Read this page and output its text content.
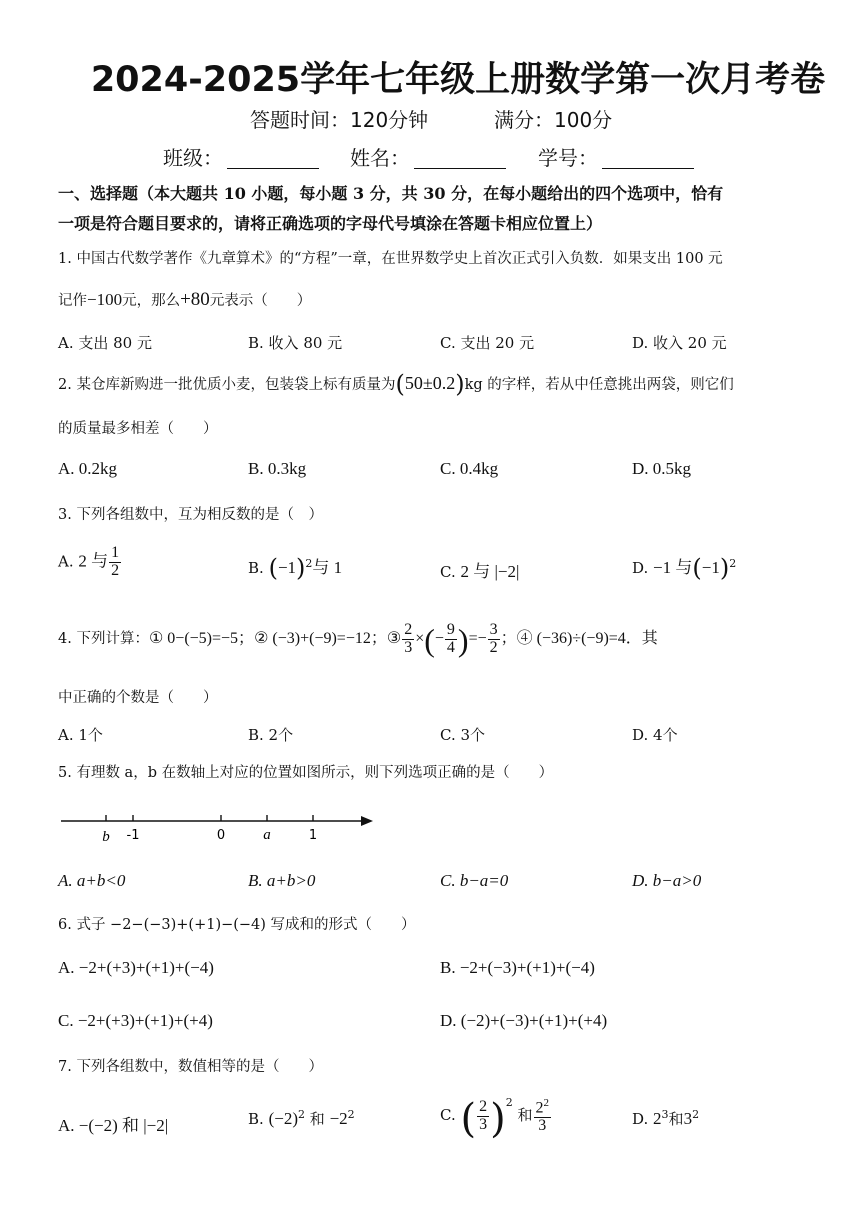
2024-2025学年七年级上册数学第一次月考卷
答题时间：120分钟	满分：100分
班级：	姓名：	学号：
一、选择题（本大题共 10 小题，每小题 3 分，共 30 分，在每小题给出的四个选项中，恰有
一项是符合题目要求的，请将正确选项的字母代号填涂在答题卡相应位置上）
1. 中国古代数学著作《九章算术》的“方程”一章，在世界数学史上首次正式引入负数．如果支出 100 元
记作−100元，那么+80元表示（　　）
A. 支出 80 元	B. 收入 80 元	C. 支出 20 元	D. 收入 20 元
2. 某仓库新购进一批优质小麦，包装袋上标有质量为(50±0.2)kg 的字样，若从中任意挑出两袋，则它们
的质量最多相差（　　）
A. 0.2kg	B. 0.3kg	C. 0.4kg	D. 0.5kg
3. 下列各组数中，互为相反数的是（　）
A. 2 与 $\frac{1}{2}$	B. $(-1)^2$与 1	C. 2 与 |−2|	D. −1 与$(-1)^2$
4. 下列计算：① 0−(−5)=−5；② (−3)+(−9)=−12；③ $\frac{2}{3}$ ×(− $\frac{9}{4}$ )=− $\frac{3}{2}$ ；④ (−36)÷(−9)=4．其
中正确的个数是（　　）
A. 1个	B. 2个	C. 3个	D. 4个
5. 有理数 a，b 在数轴上对应的位置如图所示，则下列选项正确的是（　　）
b -1	0	a	1
A. a+b<0	B. a+b>0	C. b−a=0	D. b−a>0
6. 式子 −2−(−3)+(+1)−(−4) 写成和的形式（　　）
A. −2+(+3)+(+1)+(−4)	B. −2+(−3)+(+1)+(−4)
C. −2+(+3)+(+1)+(+4)	D. (−2)+(−3)+(+1)+(+4)
7. 下列各组数中，数值相等的是（　　）
A. −(−2) 和 |−2|	B. $(-2)^2$ 和 $-2^2$	C. ( $\frac{2}{3} )^2$ 和 $\frac{2^2}{3}$	D. $2^3$和$3^2$
